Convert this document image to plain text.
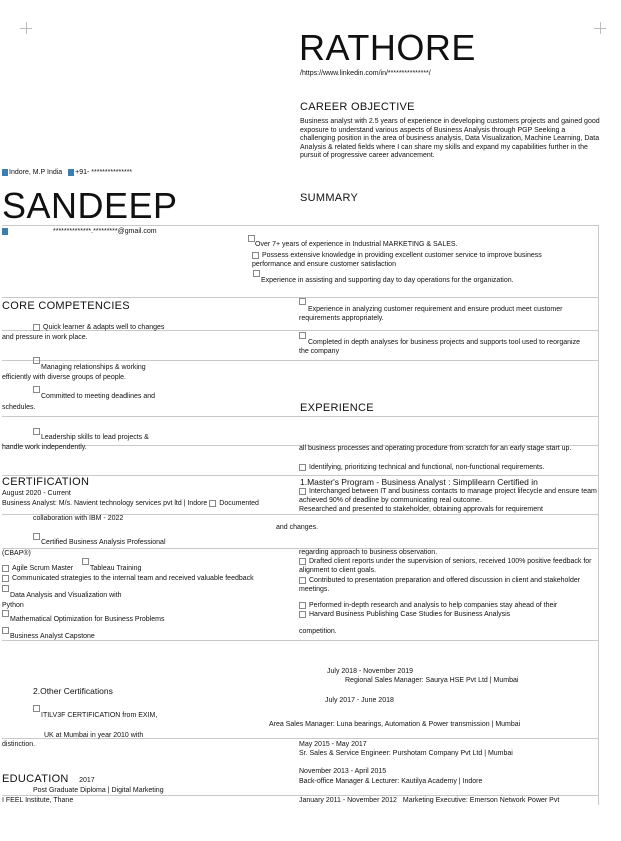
RATHORE
/https://www.linkedin.com/in/***************/
CAREER OBJECTIVE
Business analyst with 2.5 years of experience in developing customers projects and gained good exposure to understand various aspects of Business Analysis through PGP Seeking a challenging position in the area of business analysis, Data Visualization, Machine Learning, Data Analysis & related fields where I can share my skills and expand my capabilities further in the pursuit of progressive career advancement.
Indore, M.P India +91- ***************
SANDEEP	SUMMARY
**************.*********@gmail.com
Over 7+ years of experience in Industrial MARKETING & SALES.
Possess extensive knowledge in providing excellent customer service to improve business performance and ensure customer satisfaction
Experience in assisting and supporting day to day operations for the organization.
CORE COMPETENCIES	Experience in analyzing customer requirement and ensure product meet customer requirements appropriately.
Completed in depth analyses for business projects and supports tool used to reorganize the company
Quick learner & adapts well to changes
and pressure in work place.
Managing relationships & working
efficiently with diverse groups of people.
Committed to meeting deadlines and
schedules.	EXPERIENCE
Leadership skills to lead projects &
handle work independently.	all business processes and operating procedure from scratch for an early stage start up.
Identifying, prioritizing technical and functional, non-functional requirements.
CERTIFICATION
August 2020 - Current
Business Analyst: M/s. Navient technology services pvt ltd | Indore Documented
1.Master's Program - Business Analyst : Simplilearn Certified in
Interchanged between IT and business contacts to manage project lifecycle and ensure team achieved 90% of deadline by communicating real outcome.
Researched and presented to stakeholder, obtaining approvals for requirement
collaboration with IBM - 2022
and changes.
Certified Business Analysis Professional
(CBAP®)	regarding approach to business observation.
Drafted client reports under the supervision of seniors, received 100% positive feedback for alignment to client goals.
Agile Scrum Master Tableau Training
Communicated strategies to the internal team and received valuable feedback	Contributed to presentation preparation and offered discussion in client and stakeholder meetings.
Data Analysis and Visualization with
Python	Performed in-depth research and analysis to help companies stay ahead of their
Harvard Business Publishing Case Studies for Business Analysis
Mathematical Optimization for Business Problems
Business Analyst Capstone
competition.
July 2018 - November 2019
Regional Sales Manager: Saurya HSE Pvt Ltd | Mumbai
2.Other Certifications
July 2017 - June 2018
ITILV3F CERTIFICATION from EXIM,
Area Sales Manager: Luna bearings, Automation & Power transmission | Mumbai
UK at Mumbai in year 2010 with
distinction.	May 2015 - May 2017
Sr. Sales & Service Engineer: Purshotam Company Pvt Ltd | Mumbai
November 2013 - April 2015
Back-office Manager & Lecturer: Kautilya Academy | Indore
EDUCATION 2017
Post Graduate Diploma | Digital Marketing
I FEEL Institute, Thane	January 2011 - November 2012 Marketing Executive: Emerson Network Power Pvt
